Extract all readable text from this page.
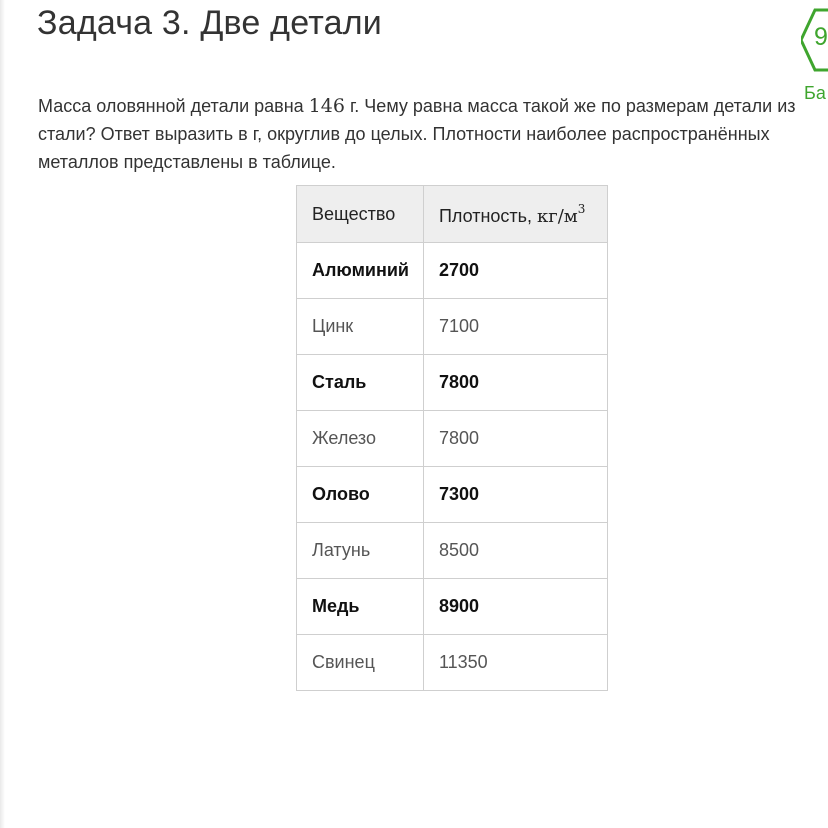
Задача 3. Две детали	9
Ба

Масса оловянной детали равна 146 г. Чему равна масса такой же по размерам детали из стали? Ответ выразить в г, округлив до целых. Плотности наиболее распространённых металлов представлены в таблице.

Вещество	Плотность, $кг/м^3$
Алюминий	2700
Цинк	7100
Сталь	7800
Железо	7800
Олово	7300
Латунь	8500
Медь	8900
Свинец	11350
